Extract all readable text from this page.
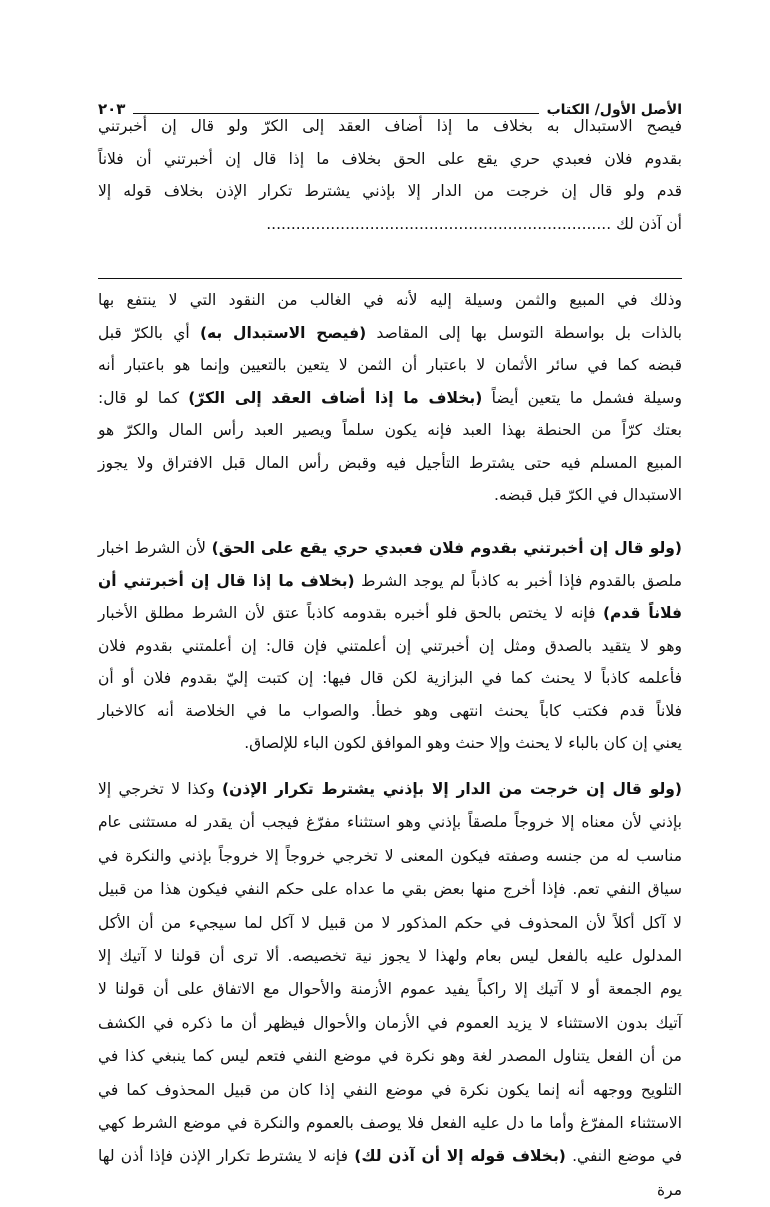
الأصل الأول/ الكتاب
٢٠٣
فيصح الاستبدال به بخلاف ما إذا أضاف العقد إلى الكرّ ولو قال إن أخبرتني
بقدوم فلان فعبدي حري يقع على الحق بخلاف ما إذا قال إن أخبرتني أن فلاناً
قدم ولو قال إن خرجت من الدار إلا بإذني يشترط تكرار الإذن بخلاف قوله إلا
أن آذن لك ......................................................................
وذلك في المبيع والثمن وسيلة إليه لأنه في الغالب من النقود التي لا ينتفع بها
بالذات بل بواسطة التوسل بها إلى المقاصد (فيصح الاستبدال به) أي بالكرّ قبل
قبضه كما في سائر الأثمان لا باعتبار أن الثمن لا يتعين بالتعيين وإنما هو باعتبار أنه
وسيلة فشمل ما يتعين أيضاً (بخلاف ما إذا أضاف العقد إلى الكرّ) كما لو قال:
بعتك كرّاً من الحنطة بهذا العبد فإنه يكون سلماً ويصير العبد رأس المال والكرّ هو
المبيع المسلم فيه حتى يشترط التأجيل فيه وقبض رأس المال قبل الافتراق ولا يجوز
الاستبدال في الكرّ قبل قبضه.
(ولو قال إن أخبرتني بقدوم فلان فعبدي حري يقع على الحق) لأن الشرط اخبار
ملصق بالقدوم فإذا أخبر به كاذباً لم يوجد الشرط (بخلاف ما إذا قال إن أخبرتني أن
فلاناً قدم) فإنه لا يختص بالحق فلو أخبره بقدومه كاذباً عتق لأن الشرط مطلق الأخبار
وهو لا يتقيد بالصدق ومثل إن أخبرتني إن أعلمتني فإن قال: إن أعلمتني بقدوم فلان
فأعلمه كاذباً لا يحنث كما في البزازية لكن قال فيها: إن كتبت إليّ بقدوم فلان أو أن
فلاناً قدم فكتب كاباً يحنث انتهى وهو خطأ. والصواب ما في الخلاصة أنه كالاخبار
يعني إن كان بالباء لا يحنث وإلا حنث وهو الموافق لكون الباء للإلصاق.
(ولو قال إن خرجت من الدار إلا بإذني يشترط تكرار الإذن) وكذا لا تخرجي إلا
بإذني لأن معناه إلا خروجاً ملصقاً بإذني وهو استثناء مفرّغ فيجب أن يقدر له مستثنى عام
مناسب له من جنسه وصفته فيكون المعنى لا تخرجي خروجاً إلا خروجاً بإذني والنكرة في
سياق النفي تعم. فإذا أخرج منها بعض بقي ما عداه على حكم النفي فيكون هذا من قبيل
لا آكل أكلاً لأن المحذوف في حكم المذكور لا من قبيل لا آكل لما سيجيء من أن الأكل
المدلول عليه بالفعل ليس بعام ولهذا لا يجوز نية تخصيصه. ألا ترى أن قولنا لا آتيك إلا
يوم الجمعة أو لا آتيك إلا راكباً يفيد عموم الأزمنة والأحوال مع الاتفاق على أن قولنا لا
آتيك بدون الاستثناء لا يزيد العموم في الأزمان والأحوال فيظهر أن ما ذكره في الكشف
من أن الفعل يتناول المصدر لغة وهو نكرة في موضع النفي فتعم ليس كما ينبغي كذا في
التلويح ووجهه أنه إنما يكون نكرة في موضع النفي إذا كان من قبيل المحذوف كما في
الاستثناء المفرّغ وأما ما دل عليه الفعل فلا يوصف بالعموم والنكرة في موضع الشرط كهي
في موضع النفي. (بخلاف قوله إلا أن آذن لك) فإنه لا يشترط تكرار الإذن فإذا أذن لها مرة
